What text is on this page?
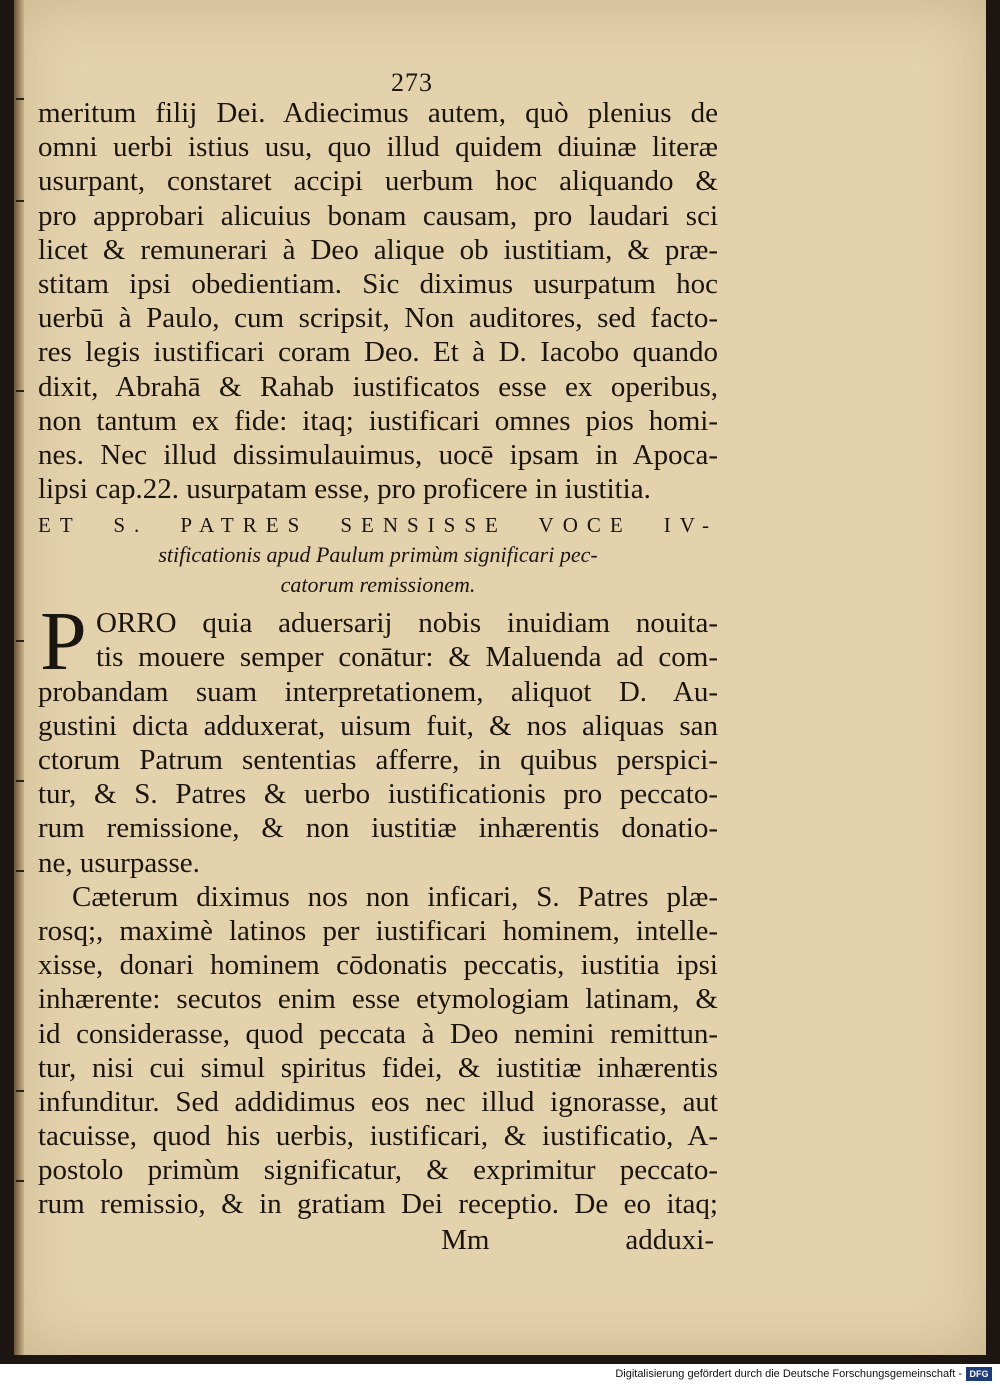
273
meritum filij Dei. Adiecimus autem, quò plenius de
omni uerbi istius usu, quo illud quidem diuinæ literæ
usurpant, constaret accipi uerbum hoc aliquando &
pro approbari alicuius bonam causam, pro laudari sci
licet & remunerari à Deo alique ob iustitiam, & præ-
stitam ipsi obedientiam. Sic diximus usurpatum hoc
uerbū à Paulo, cum scripsit, Non auditores, sed facto-
res legis iustificari coram Deo. Et à D. Iacobo quando
dixit, Abrahā & Rahab iustificatos esse ex operibus,
non tantum ex fide: itaq; iustificari omnes pios homi-
nes. Nec illud dissimulauimus, uocē ipsam in Apoca-
lipsi cap.22. usurpatam esse, pro proficere in iustitia.
ET S. PATRES SENSISSE VOCE IV-
stificationis apud Paulum primùm significari pec-
catorum remissionem.
P ORRO quia aduersarij nobis inuidiam nouita-
tis mouere semper conātur: & Maluenda ad com-
probandam suam interpretationem, aliquot D. Au-
gustini dicta adduxerat, uisum fuit, & nos aliquas san
ctorum Patrum sententias afferre, in quibus perspici-
tur, & S. Patres & uerbo iustificationis pro peccato-
rum remissione, & non iustitiæ inhærentis donatio-
ne, usurpasse.
Cæterum diximus nos non inficari, S. Patres plæ-
rosq;, maximè latinos per iustificari hominem, intelle-
xisse, donari hominem cōdonatis peccatis, iustitia ipsi
inhærente: secutos enim esse etymologiam latinam, &
id considerasse, quod peccata à Deo nemini remittun-
tur, nisi cui simul spiritus fidei, & iustitiæ inhærentis
infunditur. Sed addidimus eos nec illud ignorasse, aut
tacuisse, quod his uerbis, iustificari, & iustificatio, A-
postolo primùm significatur, & exprimitur peccato-
rum remissio, & in gratiam Dei receptio. De eo itaq;
Mm	adduxi-
Digitalisierung gefördert durch die Deutsche Forschungsgemeinschaft - DFG
